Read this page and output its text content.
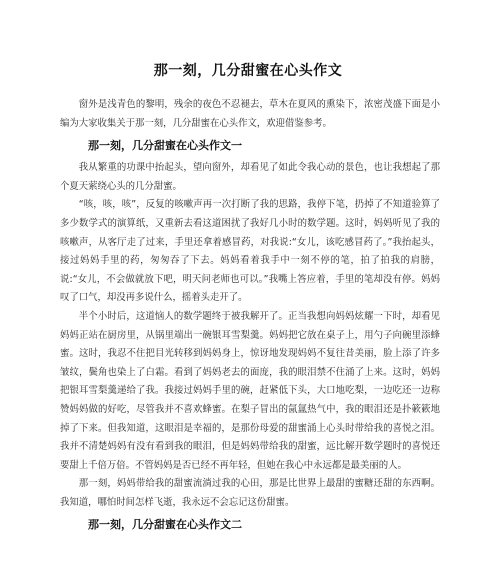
那一刻，几分甜蜜在心头作文

窗外是浅青色的黎明，残余的夜色不忍褪去，草木在夏风的熏染下，浓密茂盛下面是小编为大家收集关于那一刻，几分甜蜜在心头作文，欢迎借鉴参考。

那一刻，几分甜蜜在心头作文一

我从繁重的功课中抬起头，望向窗外，却看见了如此令我心动的景色，也让我想起了那个夏天萦绕心头的几分甜蜜。

“咳，咳，咳”，反复的咳嗽声再一次打断了我的思路，我停下笔，扔掉了不知道验算了多少数学式的演算纸，又重新去看这道困扰了我好几小时的数学题。这时，妈妈听见了我的咳嗽声，从客厅走了过来，手里还拿着感冒药，对我说:“女儿，该吃感冒药了。”我抬起头，接过妈妈手里的药，匆匆吞了下去。妈妈看着我手中一刻不停的笔，拍了拍我的肩膀，说:“女儿，不会做就放下吧，明天问老师也可以。”我嘴上答应着，手里的笔却没有停。妈妈叹了口气，却没再多说什么，摇着头走开了。

半个小时后，这道恼人的数学题终于被我解开了。正当我想向妈妈炫耀一下时，却看见妈妈正站在厨房里，从锅里端出一碗银耳雪梨羹。妈妈把它放在桌子上，用勺子向碗里添蜂蜜。这时，我忍不住把目光转移到妈妈身上，惊讶地发现妈妈不复往昔美丽，脸上添了许多皱纹，鬓角也染上了白霜。看到了妈妈老去的面庞，我的眼泪禁不住涌了上来。这时，妈妈把银耳雪梨羹递给了我。我接过妈妈手里的碗，赶紧低下头，大口地吃梨，一边吃还一边称赞妈妈做的好吃，尽管我并不喜欢蜂蜜。在梨子冒出的氤氲热气中，我的眼泪还是扑簌簌地掉了下来。但我知道，这眼泪是幸福的，是那份母爱的甜蜜涌上心头时带给我的喜悦之泪。我并不清楚妈妈有没有看到我的眼泪，但是妈妈带给我的甜蜜，远比解开数学题时的喜悦还要甜上千倍万倍。不管妈妈是否已经不再年轻，但她在我心中永远都是最美丽的人。

那一刻，妈妈带给我的甜蜜流淌过我的心田，那是比世界上最甜的蜜糖还甜的东西啊。我知道，哪怕时间怎样飞逝，我永远不会忘记这份甜蜜。

那一刻，几分甜蜜在心头作文二
